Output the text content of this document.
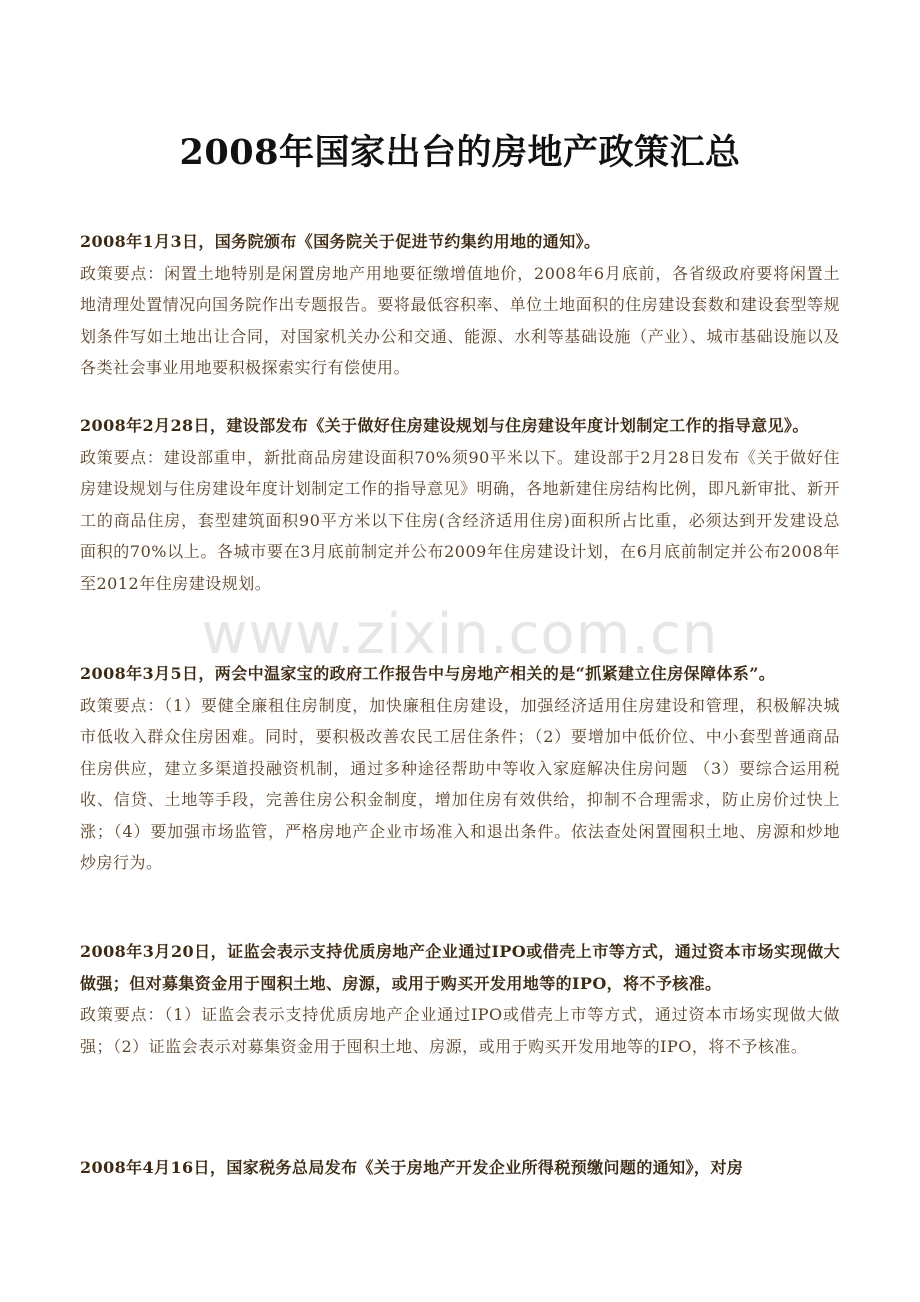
www.zixin.com.cn
2008年国家出台的房地产政策汇总

2008年1月3日，国务院颁布《国务院关于促进节约集约用地的通知》。

政策要点：闲置土地特别是闲置房地产用地要征缴增值地价，2008年6月底前，各省级政府要将闲置土地清理处置情况向国务院作出专题报告。要将最低容积率、单位土地面积的住房建设套数和建设套型等规划条件写如土地出让合同，对国家机关办公和交通、能源、水利等基础设施（产业）、城市基础设施以及各类社会事业用地要积极探索实行有偿使用。

2008年2月28日，建设部发布《关于做好住房建设规划与住房建设年度计划制定工作的指导意见》。

政策要点：建设部重申，新批商品房建设面积70%须90平米以下。建设部于2月28日发布《关于做好住房建设规划与住房建设年度计划制定工作的指导意见》明确，各地新建住房结构比例，即凡新审批、新开工的商品住房，套型建筑面积90平方米以下住房(含经济适用住房)面积所占比重，必须达到开发建设总面积的70%以上。各城市要在3月底前制定并公布2009年住房建设计划，在6月底前制定并公布2008年至2012年住房建设规划。

2008年3月5日，两会中温家宝的政府工作报告中与房地产相关的是“抓紧建立住房保障体系”。

政策要点：（1）要健全廉租住房制度，加快廉租住房建设，加强经济适用住房建设和管理，积极解决城市低收入群众住房困难。同时，要积极改善农民工居住条件；（2）要增加中低价位、中小套型普通商品住房供应，建立多渠道投融资机制，通过多种途径帮助中等收入家庭解决住房问题 （3）要综合运用税收、信贷、土地等手段，完善住房公积金制度，增加住房有效供给，抑制不合理需求，防止房价过快上涨；（4）要加强市场监管，严格房地产企业市场准入和退出条件。依法查处闲置囤积土地、房源和炒地炒房行为。

2008年3月20日，证监会表示支持优质房地产企业通过IPO或借壳上市等方式，通过资本市场实现做大做强；但对募集资金用于囤积土地、房源，或用于购买开发用地等的IPO，将不予核准。

政策要点：（1）证监会表示支持优质房地产企业通过IPO或借壳上市等方式，通过资本市场实现做大做强；（2）证监会表示对募集资金用于囤积土地、房源，或用于购买开发用地等的IPO，将不予核准。

2008年4月16日，国家税务总局发布《关于房地产开发企业所得税预缴问题的通知》，对房
